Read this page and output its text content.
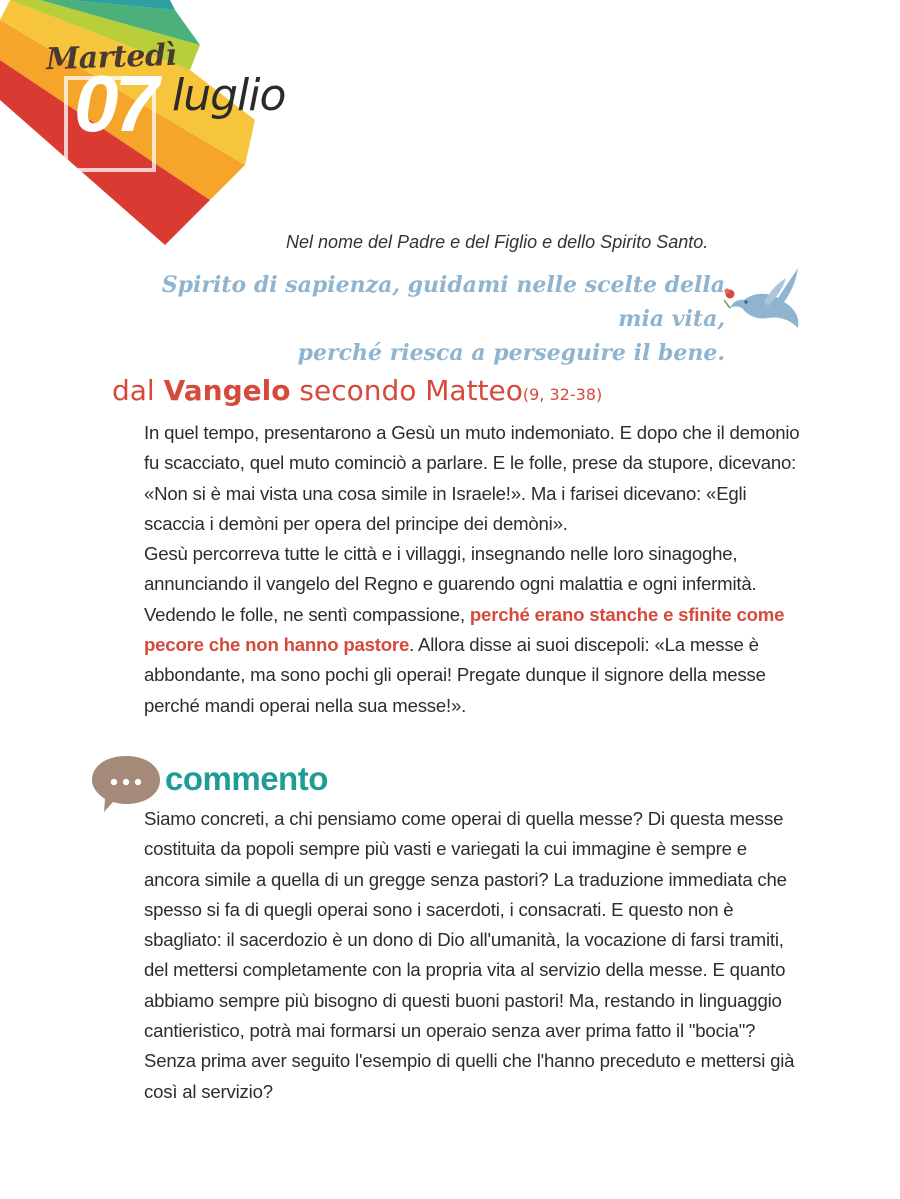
07
Martedì
luglio
Nel nome del Padre e del Figlio e dello Spirito Santo.
Spirito di sapienza, guidami nelle scelte della mia vita,
perché riesca a perseguire il bene.
dal Vangelo secondo Matteo(9, 32-38)
In quel tempo, presentarono a Gesù un muto indemoniato. E dopo che il demonio fu scacciato, quel muto cominciò a parlare. E le folle, prese da stupore, dicevano: «Non si è mai vista una cosa simile in Israele!». Ma i farisei dicevano: «Egli scaccia i demòni per opera del principe dei demòni».
Gesù percorreva tutte le città e i villaggi, insegnando nelle loro sinagoghe, annunciando il vangelo del Regno e guarendo ogni malattia e ogni infermità. Vedendo le folle, ne sentì compassione, perché erano stanche e sfinite come pecore che non hanno pastore. Allora disse ai suoi discepoli: «La messe è abbondante, ma sono pochi gli operai! Pregate dunque il signore della messe perché mandi operai nella sua messe!».
commento
Siamo concreti, a chi pensiamo come operai di quella messe? Di questa messe costituita da popoli sempre più vasti e variegati la cui immagine è sempre e ancora simile a quella di un gregge senza pastori? La traduzione immediata che spesso si fa di quegli operai sono i sacerdoti, i consacrati. E questo non è sbagliato: il sacerdozio è un dono di Dio all'umanità, la vocazione di farsi tramiti, del mettersi completamente con la propria vita al servizio della messe. E quanto abbiamo sempre più bisogno di questi buoni pastori! Ma, restando in linguaggio cantieristico, potrà mai formarsi un operaio senza aver prima fatto il "bocia"? Senza prima aver seguito l'esempio di quelli che l'hanno preceduto e mettersi già così al servizio?
